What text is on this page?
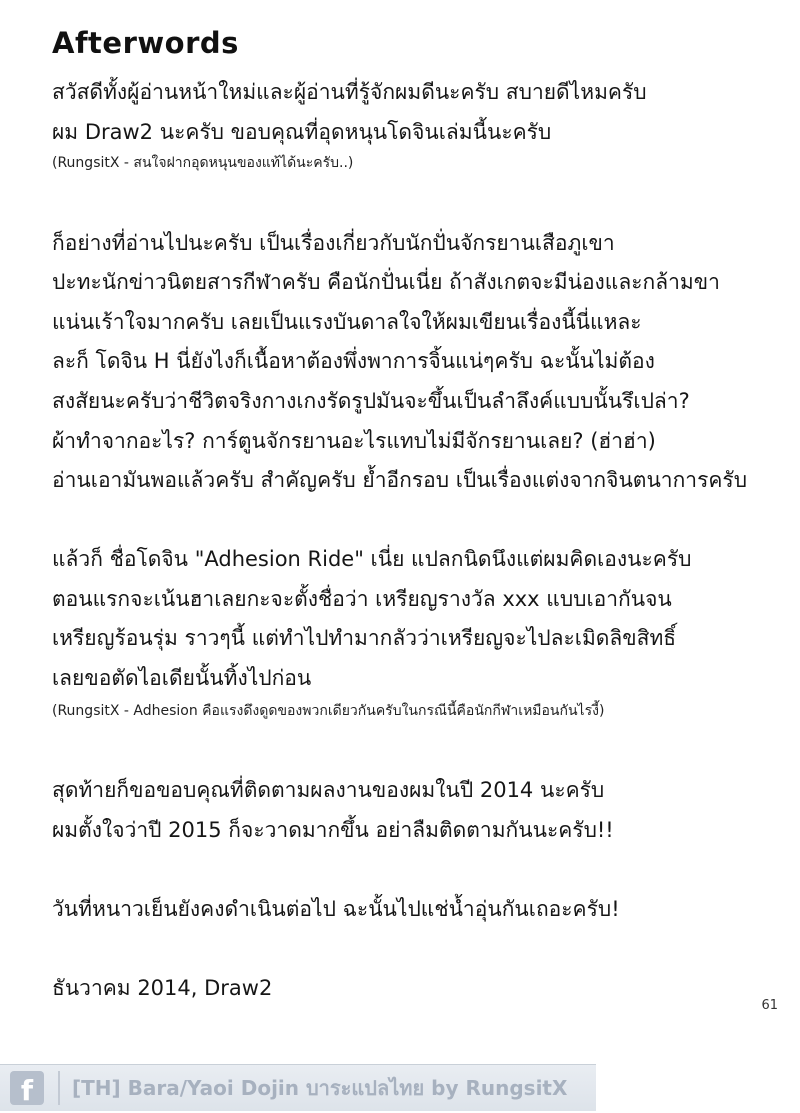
Afterwords
สวัสดีทั้งผู้อ่านหน้าใหม่และผู้อ่านที่รู้จักผมดีนะครับ สบายดีไหมครับ
ผม Draw2 นะครับ ขอบคุณที่อุดหนุนโดจินเล่มนี้นะครับ
(RungsitX - สนใจฝากอุดหนุนของแท้ได้นะครับ..)
ก็อย่างที่อ่านไปนะครับ เป็นเรื่องเกี่ยวกับนักปั่นจักรยานเสือภูเขา
ปะทะนักข่าวนิตยสารกีฬาครับ คือนักปั่นเนี่ย ถ้าสังเกตจะมีน่องและกล้ามขา
แน่นเร้าใจมากครับ เลยเป็นแรงบันดาลใจให้ผมเขียนเรื่องนี้นี่แหละ
ละก็ โดจิน H นี่ยังไงก็เนื้อหาต้องพึ่งพาการจิ้นแน่ๆครับ ฉะนั้นไม่ต้อง
สงสัยนะครับว่าชีวิตจริงกางเกงรัดรูปมันจะขึ้นเป็นลำลึงค์แบบนั้นรึเปล่า?
ผ้าทำจากอะไร? การ์ตูนจักรยานอะไรแทบไม่มีจักรยานเลย? (ฮ่าฮ่า)
อ่านเอามันพอแล้วครับ สำคัญครับ ย้ำอีกรอบ เป็นเรื่องแต่งจากจินตนาการครับ
แล้วก็ ชื่อโดจิน "Adhesion Ride" เนี่ย แปลกนิดนึงแต่ผมคิดเองนะครับ
ตอนแรกจะเน้นฮาเลยกะจะตั้งชื่อว่า เหรียญรางวัล xxx แบบเอากันจน
เหรียญร้อนรุ่ม ราวๆนี้ แต่ทำไปทำมากลัวว่าเหรียญจะไปละเมิดลิขสิทธิ์
เลยขอตัดไอเดียนั้นทิ้งไปก่อน
(RungsitX - Adhesion คือแรงดึงดูดของพวกเดียวกันครับในกรณีนี้คือนักกีฬาเหมือนกันไรงี้)
สุดท้ายก็ขอขอบคุณที่ติดตามผลงานของผมในปี 2014 นะครับ
ผมตั้งใจว่าปี 2015 ก็จะวาดมากขึ้น อย่าลืมติดตามกันนะครับ!!
วันที่หนาวเย็นยังคงดำเนินต่อไป ฉะนั้นไปแช่น้ำอุ่นกันเถอะครับ!
ธันวาคม 2014, Draw2
61
f	[TH] Bara/Yaoi Dojin บาระแปลไทย by RungsitX
